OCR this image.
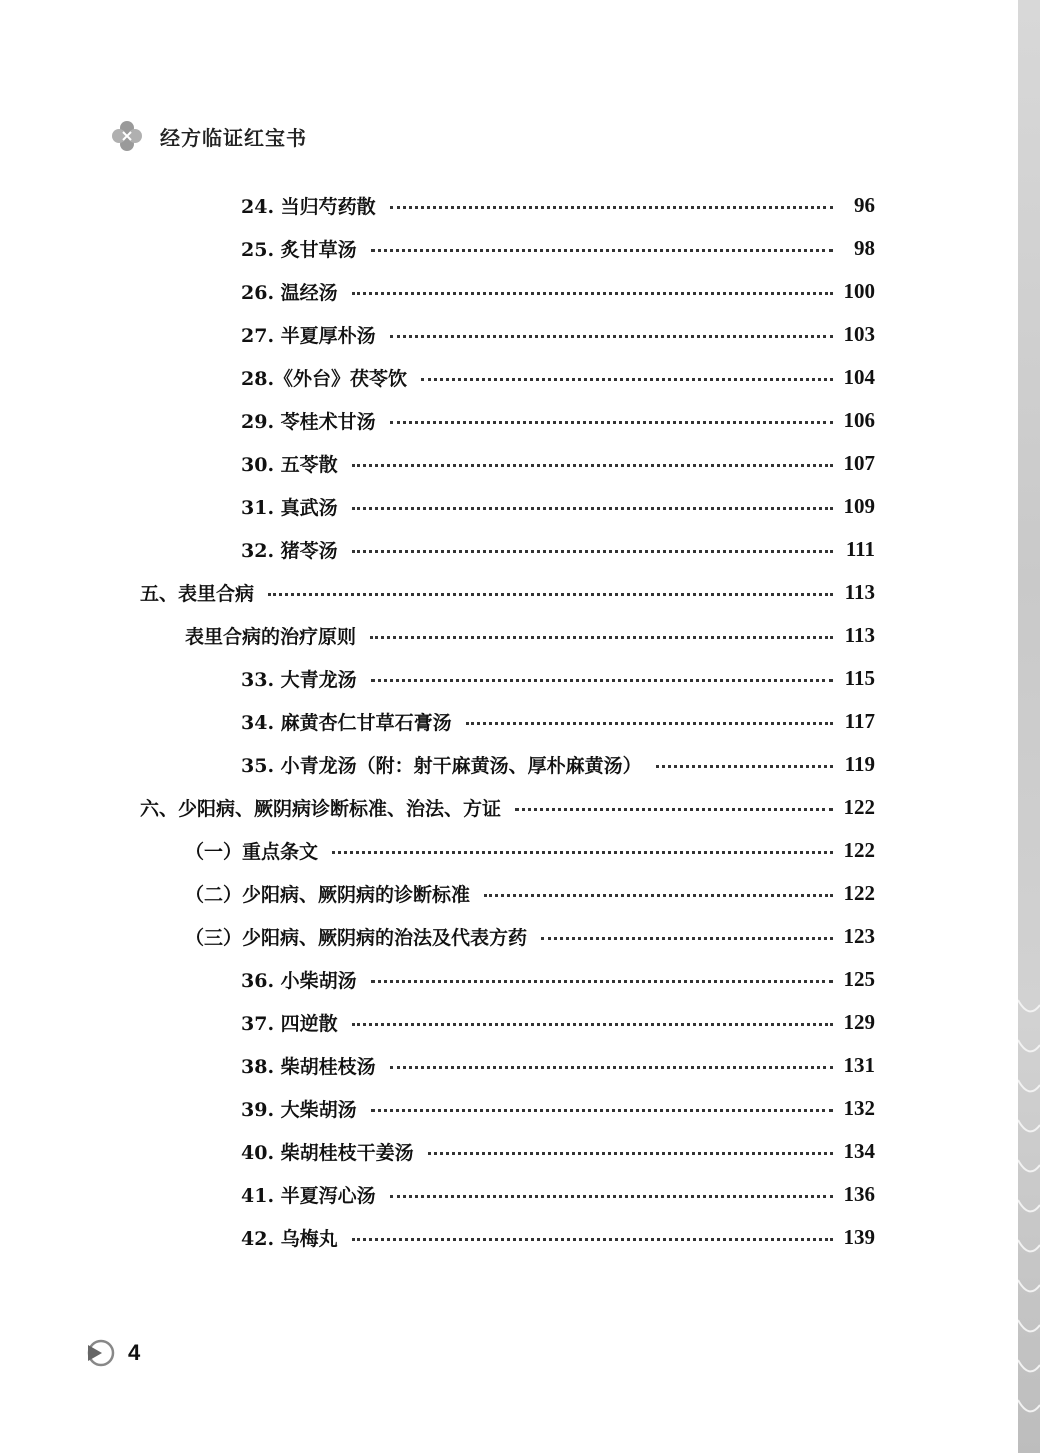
经方临证红宝书
24. 当归芍药散	96
25. 炙甘草汤	98
26. 温经汤	100
27. 半夏厚朴汤	103
28.《外台》茯苓饮	104
29. 苓桂术甘汤	106
30. 五苓散	107
31. 真武汤	109
32. 猪苓汤	111
五、表里合病	113
表里合病的治疗原则	113
33. 大青龙汤	115
34. 麻黄杏仁甘草石膏汤	117
35. 小青龙汤（附：射干麻黄汤、厚朴麻黄汤）	119
六、少阳病、厥阴病诊断标准、治法、方证	122
（一）重点条文	122
（二）少阳病、厥阴病的诊断标准	122
（三）少阳病、厥阴病的治法及代表方药	123
36. 小柴胡汤	125
37. 四逆散	129
38. 柴胡桂枝汤	131
39. 大柴胡汤	132
40. 柴胡桂枝干姜汤	134
41. 半夏泻心汤	136
42. 乌梅丸	139
4
